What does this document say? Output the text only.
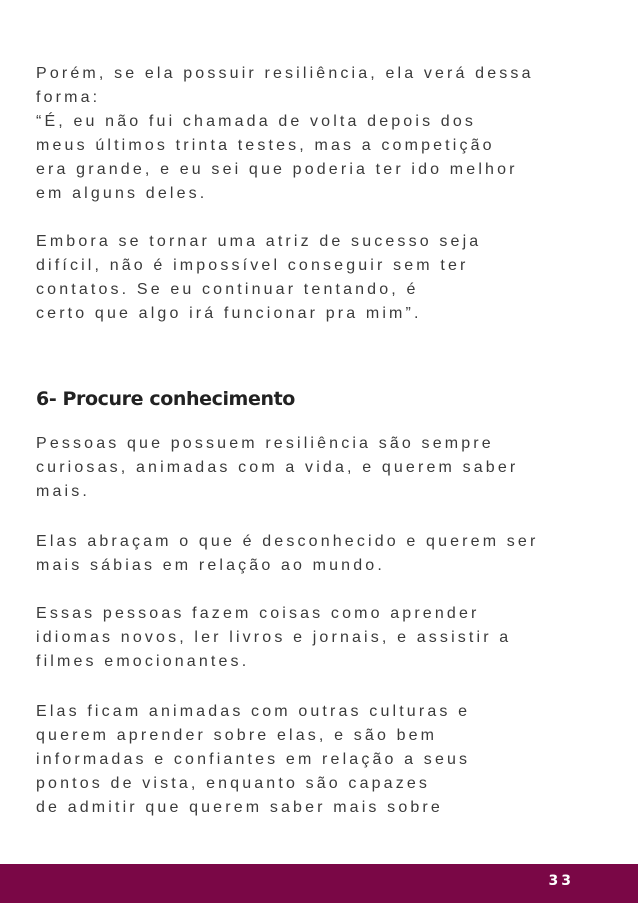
Porém, se ela possuir resiliência, ela verá dessa

forma:

“É, eu não fui chamada de volta depois dos

meus últimos trinta testes, mas a competição

era grande, e eu sei que poderia ter ido melhor

em alguns deles.

Embora se tornar uma atriz de sucesso seja

difícil, não é impossível conseguir sem ter

contatos. Se eu continuar tentando, é

certo que algo irá funcionar pra mim”.

6- Procure conhecimento

Pessoas que possuem resiliência são sempre

curiosas, animadas com a vida, e querem saber

mais.

Elas abraçam o que é desconhecido e querem ser

mais sábias em relação ao mundo.

Essas pessoas fazem coisas como aprender

idiomas novos, ler livros e jornais, e assistir a

filmes emocionantes.

Elas ficam animadas com outras culturas e

querem aprender sobre elas, e são bem

informadas e confiantes em relação a seus

pontos de vista, enquanto são capazes

de admitir que querem saber mais sobre

33
